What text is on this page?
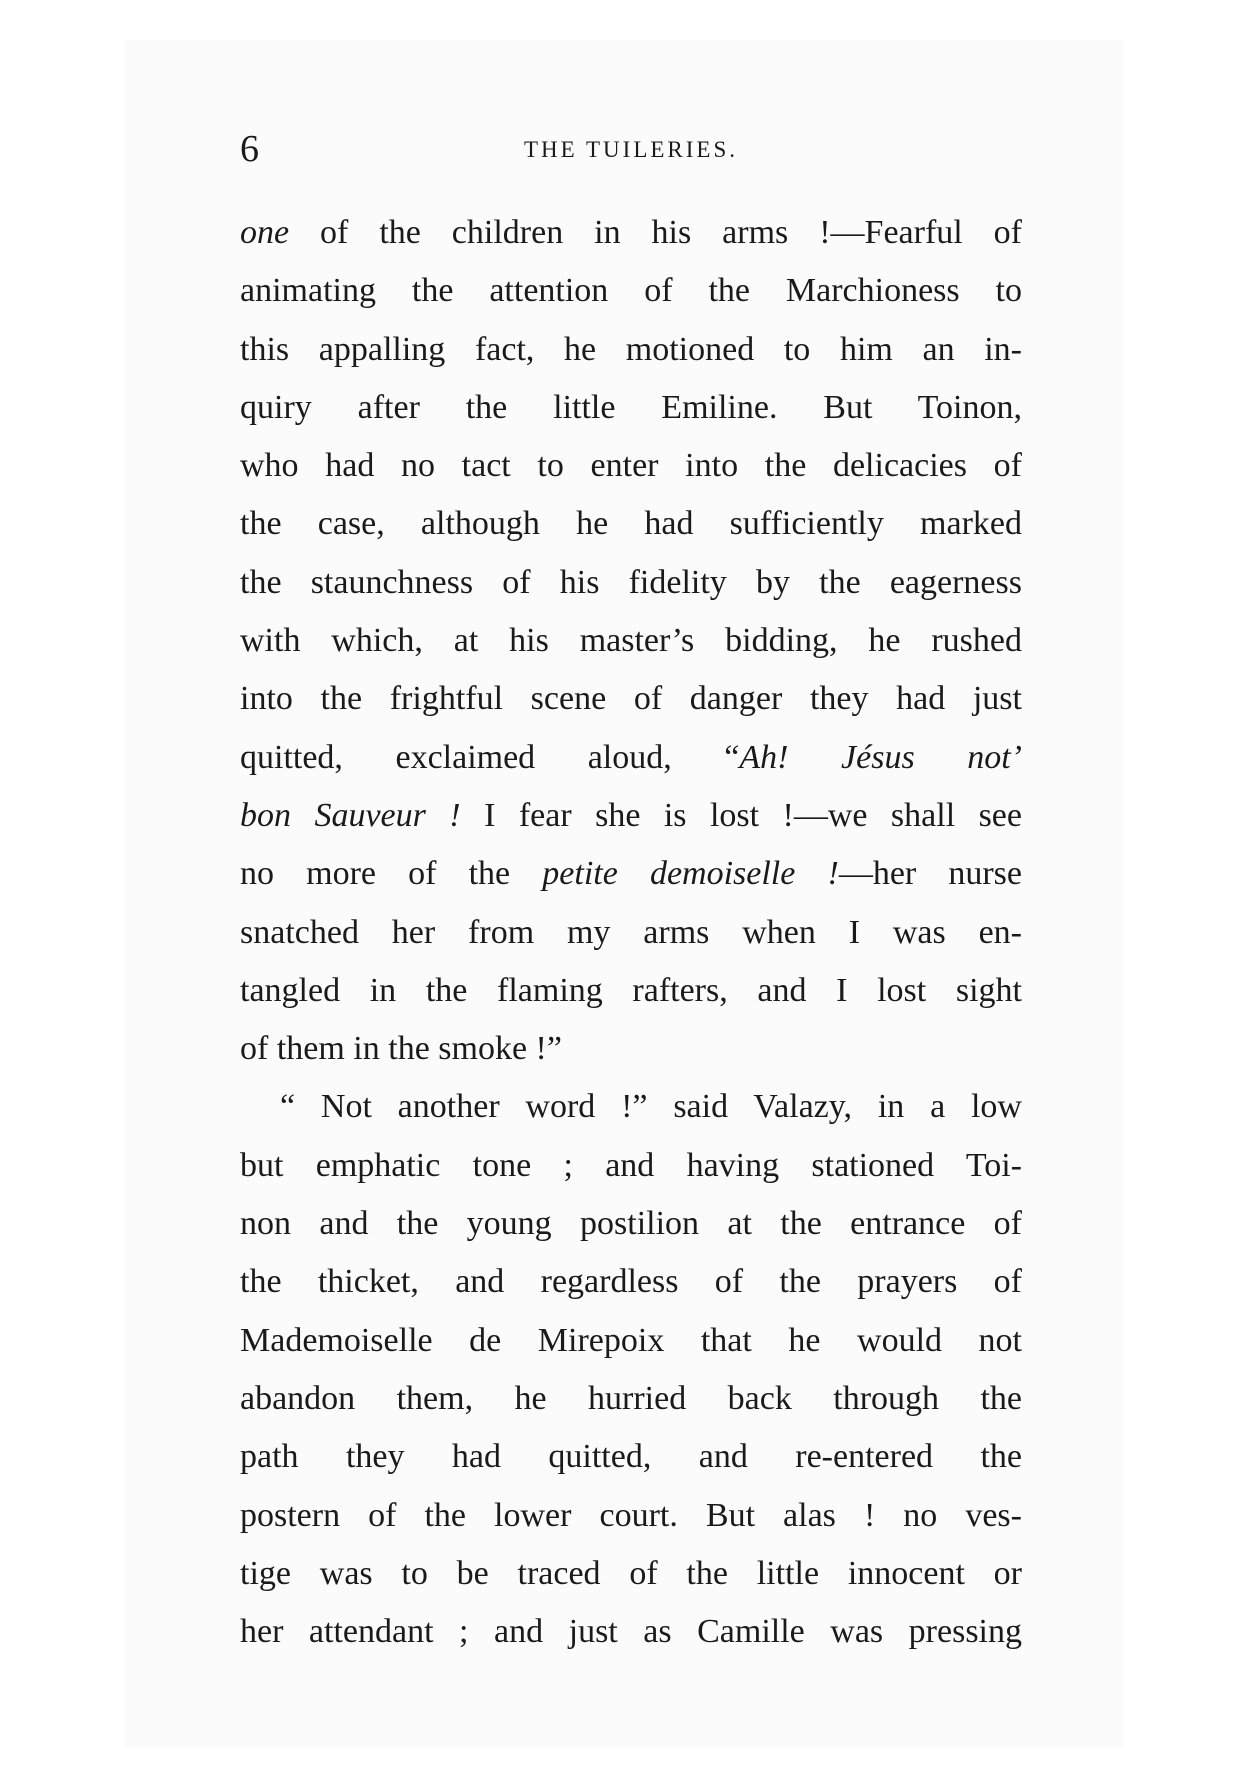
6	THE TUILERIES.
one of the children in his arms !—Fearful of
animating the attention of the Marchioness to
this appalling fact, he motioned to him an in-
quiry after the little Emiline. But Toinon,
who had no tact to enter into the delicacies of
the case, although he had sufficiently marked
the staunchness of his fidelity by the eagerness
with which, at his master’s bidding, he rushed
into the frightful scene of danger they had just
quitted, exclaimed aloud, “Ah! Jésus not’
bon Sauveur ! I fear she is lost !—we shall see
no more of the petite demoiselle !—her nurse
snatched her from my arms when I was en-
tangled in the flaming rafters, and I lost sight
of them in the smoke !”
“ Not another word !” said Valazy, in a low
but emphatic tone ; and having stationed Toi-
non and the young postilion at the entrance of
the thicket, and regardless of the prayers of
Mademoiselle de Mirepoix that he would not
abandon them, he hurried back through the
path they had quitted, and re-entered the
postern of the lower court. But alas ! no ves-
tige was to be traced of the little innocent or
her attendant ; and just as Camille was pressing
